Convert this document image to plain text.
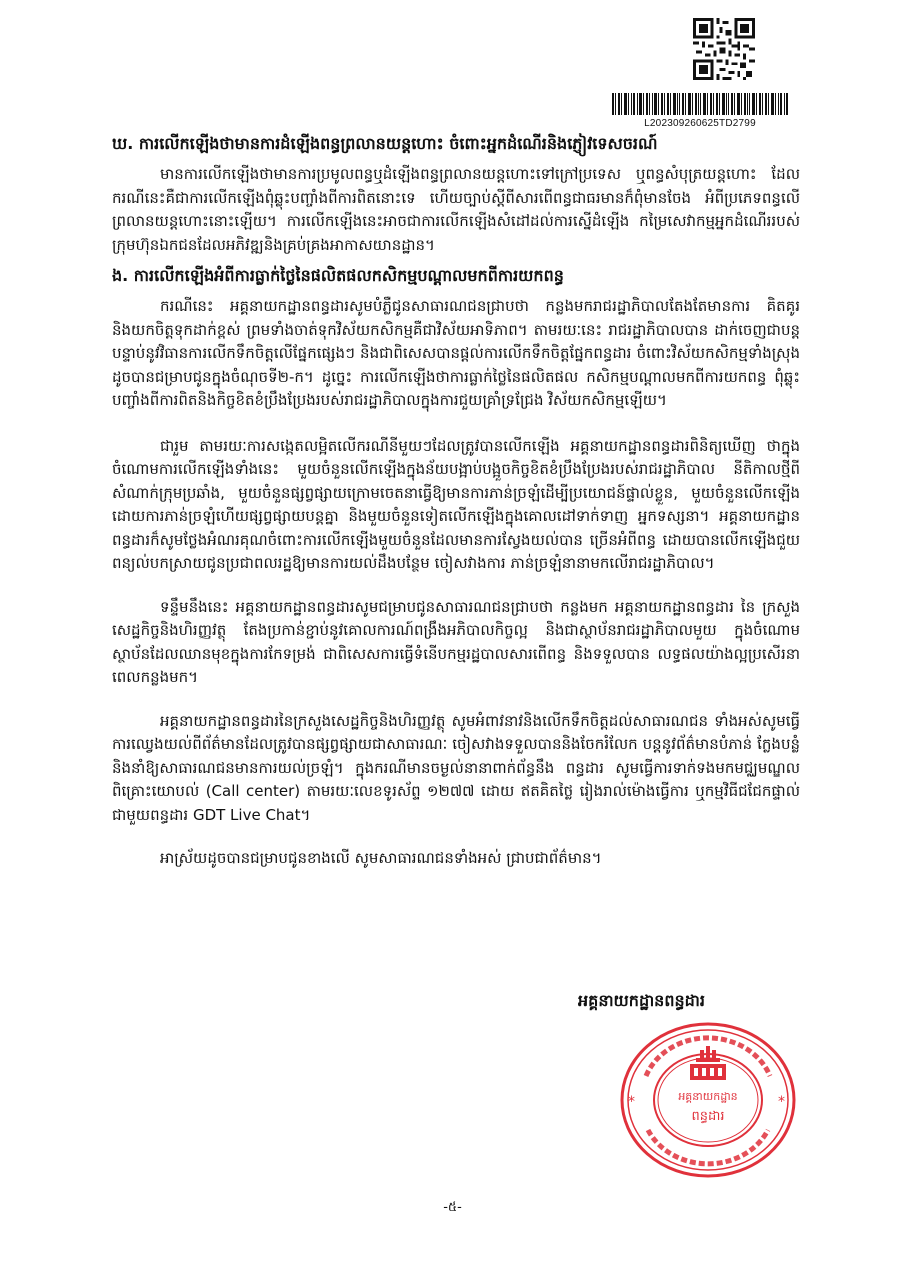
L202309260625TD2799
ឃ. ការលើកឡើងថាមានការដំឡើងពន្ធព្រលានយន្តហោះ ចំពោះអ្នកដំណើរនិងភ្ញៀវទេសចរណ៍

មានការលើកឡើងថាមានការប្រមូលពន្ធឬដំឡើងពន្ធព្រលានយន្តហោះទៅក្រៅប្រទេស ឬពន្ធសំបុត្រយន្តហោះ ដែលករណីនេះគឺជាការលើកឡើងពុំឆ្លុះបញ្ចាំងពីការពិតនោះទេ ហើយច្បាប់ស្តីពីសារពើពន្ធជាធរមានក៏ពុំមានចែង អំពីប្រភេទពន្ធលើព្រលានយន្តហោះនោះឡើយ។ ការលើកឡើងនេះអាចជាការលើកឡើងសំដៅដល់ការស្នើដំឡើង កម្រៃសេវាកម្មអ្នកដំណើររបស់ក្រុមហ៊ុនឯកជនដែលអភិវឌ្ឍនិងគ្រប់គ្រងអាកាសយានដ្ឋាន។

ង. ការលើកឡើងអំពីការធ្លាក់ថ្លៃនៃផលិតផលកសិកម្មបណ្តាលមកពីការយកពន្ធ

ករណីនេះ អគ្គនាយកដ្ឋានពន្ធដារសូមបំភ្លឺជូនសាធារណជនជ្រាបថា កន្លងមករាជរដ្ឋាភិបាលតែងតែមានការ គិតគូរនិងយកចិត្តទុកដាក់ខ្ពស់ ព្រមទាំងចាត់ទុកវិស័យកសិកម្មគឺជាវិស័យអាទិភាព។ តាមរយៈនេះ រាជរដ្ឋាភិបាលបាន ដាក់ចេញជាបន្តបន្ទាប់នូវវិធានការលើកទឹកចិត្តលើផ្នែកផ្សេងៗ និងជាពិសេសបានផ្តល់ការលើកទឹកចិត្តផ្នែកពន្ធដារ ចំពោះវិស័យកសិកម្មទាំងស្រុងដូចបានជម្រាបជូនក្នុងចំណុចទី២-ក។ ដូច្នេះ ការលើកឡើងថាការធ្លាក់ថ្លៃនៃផលិតផល កសិកម្មបណ្តាលមកពីការយកពន្ធ ពុំឆ្លុះបញ្ចាំងពីការពិតនិងកិច្ចខិតខំប្រឹងប្រែងរបស់រាជរដ្ឋាភិបាលក្នុងការជួយគ្រាំទ្រជ្រែង វិស័យកសិកម្មឡើយ។

ជារួម តាមរយៈការសង្កេតលម្អិតលើករណីនីមួយៗដែលត្រូវបានលើកឡើង អគ្គនាយកដ្ឋានពន្ធដារពិនិត្យឃើញ ថាក្នុងចំណោមការលើកឡើងទាំងនេះ មួយចំនួនលើកឡើងក្នុងន័យបង្អាប់បង្អួចកិច្ចខិតខំប្រឹងប្រែងរបស់រាជរដ្ឋាភិបាល នីតិកាលថ្មីពីសំណាក់ក្រុមប្រឆាំង, មួយចំនួនផ្សព្វផ្សាយក្រោមចេតនាធ្វើឱ្យមានការភាន់ច្រឡំដើម្បីប្រយោជន៍ផ្ទាល់ខ្លួន, មួយចំនួនលើកឡើងដោយការភាន់ច្រឡំហើយផ្សព្វផ្សាយបន្តគ្នា និងមួយចំនួនទៀតលើកឡើងក្នុងគោលដៅទាក់ទាញ អ្នកទស្សនា។ អគ្គនាយកដ្ឋានពន្ធដារក៏សូមថ្លែងអំណរគុណចំពោះការលើកឡើងមួយចំនួនដែលមានការស្វែងយល់បាន ច្រើនអំពីពន្ធ ដោយបានលើកឡើងជួយពន្យល់បកស្រាយជូនប្រជាពលរដ្ឋឱ្យមានការយល់ដឹងបន្ថែម ចៀសវាងការ ភាន់ច្រឡំនានាមកលើរាជរដ្ឋាភិបាល។

ទន្ទឹមនឹងនេះ អគ្គនាយកដ្ឋានពន្ធដារសូមជម្រាបជូនសាធារណជនជ្រាបថា កន្លងមក អគ្គនាយកដ្ឋានពន្ធដារ នៃ ក្រសួងសេដ្ឋកិច្ចនិងហិរញ្ញវត្ថុ តែងប្រកាន់ខ្ជាប់នូវគោលការណ៍ពង្រឹងអភិបាលកិច្ចល្អ និងជាស្ថាប័នរាជរដ្ឋាភិបាលមួយ ក្នុងចំណោមស្ថាប័នដែលឈានមុខក្នុងការកែទម្រង់ ជាពិសេសការធ្វើទំនើបកម្មរដ្ឋបាលសារពើពន្ធ និងទទួលបាន លទ្ធផលយ៉ាងល្អប្រសើរនាពេលកន្លងមក។

អគ្គនាយកដ្ឋានពន្ធដារនៃក្រសួងសេដ្ឋកិច្ចនិងហិរញ្ញវត្ថុ សូមអំពាវនាវនិងលើកទឹកចិត្តដល់សាធារណជន ទាំងអស់សូមធ្វើការឈ្វេងយល់ពីព័ត៌មានដែលត្រូវបានផ្សព្វផ្សាយជាសាធារណៈ ចៀសវាងទទួលបាននិងចែករំលែក បន្តនូវព័ត៌មានបំភាន់ ក្លែងបន្លំ និងនាំឱ្យសាធារណជនមានការយល់ច្រឡំ។ ក្នុងករណីមានចម្ងល់នានាពាក់ព័ន្ធនឹង ពន្ធដារ សូមធ្វើការទាក់ទងមកមជ្ឈមណ្ឌលពិគ្រោះយោបល់ (Call center) តាមរយៈលេខទូរស័ព្ទ ១២៧៧ ដោយ ឥតគិតថ្លៃ រៀងរាល់ម៉ោងធ្វើការ ឬកម្មវិធីជជែកផ្ទាល់ជាមួយពន្ធដារ GDT Live Chat។

អាស្រ័យដូចបានជម្រាបជូនខាងលើ សូមសាធារណជនទាំងអស់ ជ្រាបជាព័ត៌មាន។

អគ្គនាយកដ្ឋានពន្ធដារ
*	*
អគ្គនាយកដ្ឋាន
ពន្ធដារ
-៥-
